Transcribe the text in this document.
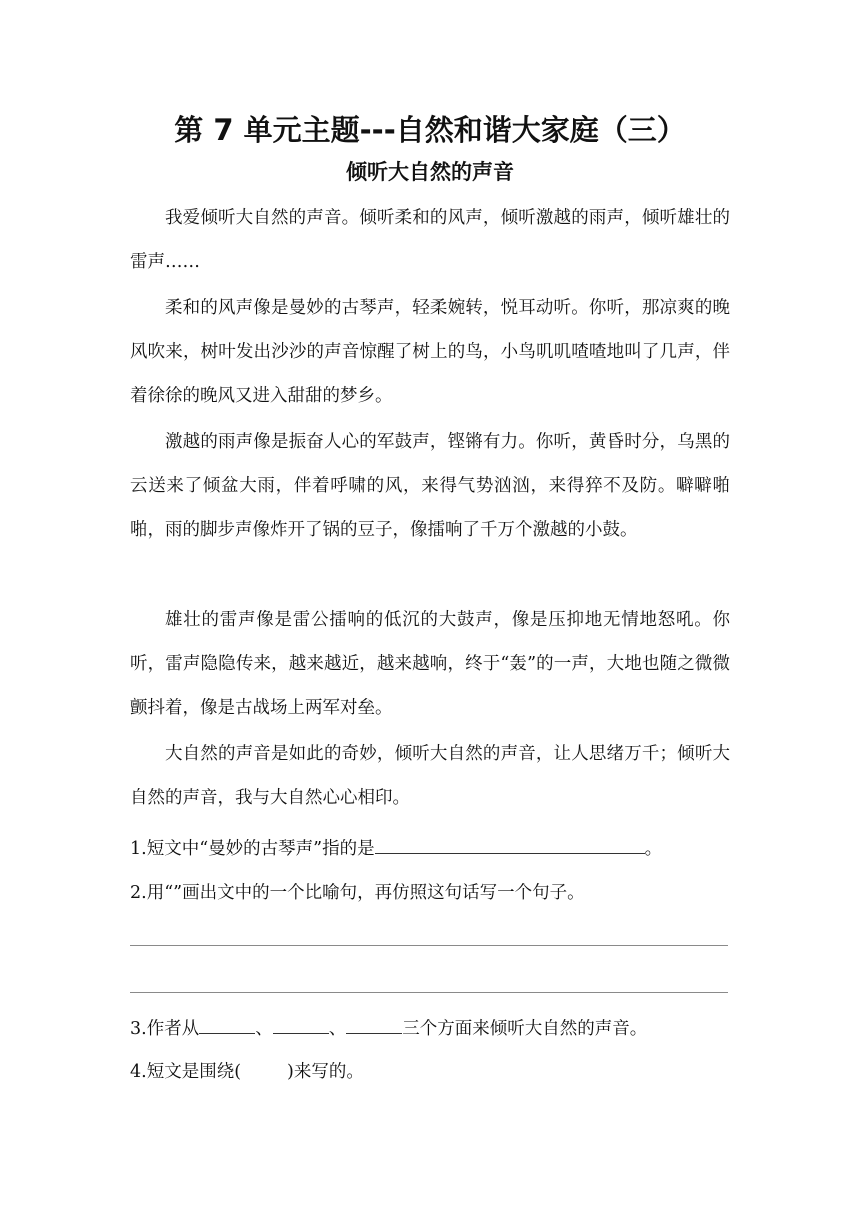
第 7 单元主题---自然和谐大家庭（三）
倾听大自然的声音

我爱倾听大自然的声音。倾听柔和的风声，倾听激越的雨声，倾听雄壮的雷声……

柔和的风声像是曼妙的古琴声，轻柔婉转，悦耳动听。你听，那凉爽的晚风吹来，树叶发出沙沙的声音惊醒了树上的鸟，小鸟叽叽喳喳地叫了几声，伴着徐徐的晚风又进入甜甜的梦乡。

激越的雨声像是振奋人心的军鼓声，铿锵有力。你听，黄昏时分，乌黑的云送来了倾盆大雨，伴着呼啸的风，来得气势汹汹，来得猝不及防。噼噼啪啪，雨的脚步声像炸开了锅的豆子，像擂响了千万个激越的小鼓。

雄壮的雷声像是雷公擂响的低沉的大鼓声，像是压抑地无情地怒吼。你听，雷声隐隐传来，越来越近，越来越响，终于“轰”的一声，大地也随之微微颤抖着，像是古战场上两军对垒。

大自然的声音是如此的奇妙，倾听大自然的声音，让人思绪万千；倾听大自然的声音，我与大自然心心相印。

1.短文中“曼妙的古琴声”指的是	。
2.用“”画出文中的一个比喻句，再仿照这句话写一个句子。
3.作者从	、	、	三个方面来倾听大自然的声音。
4.短文是围绕(	)来写的。
